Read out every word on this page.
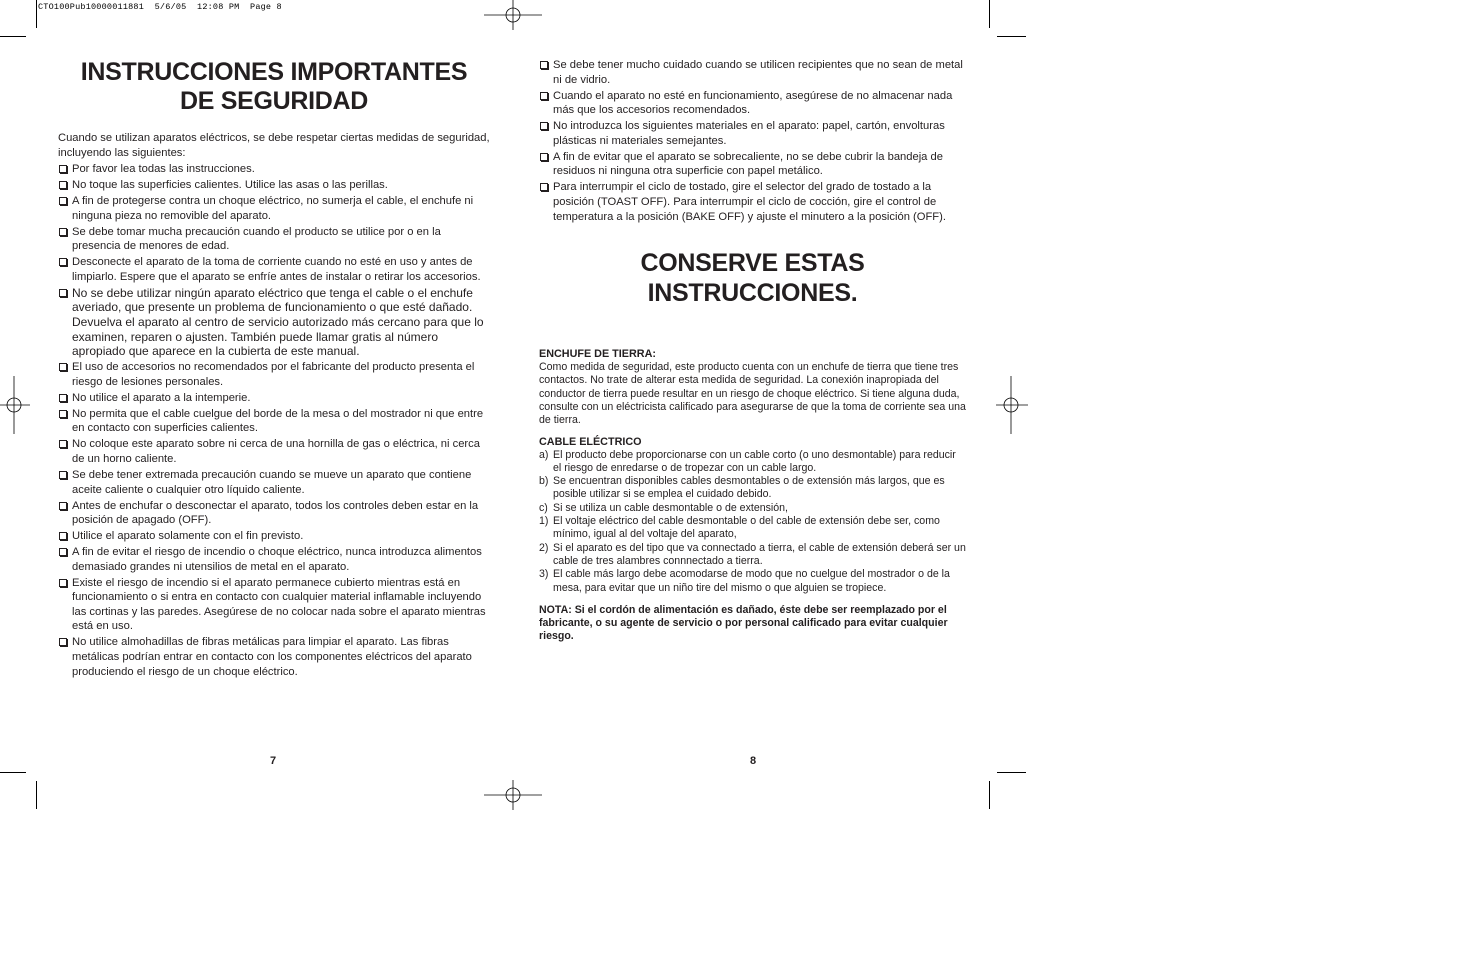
CTO100Pub10000011881  5/6/05  12:08 PM  Page 8
INSTRUCCIONES IMPORTANTES
DE SEGURIDAD

Cuando se utilizan aparatos eléctricos, se debe respetar ciertas medidas de seguridad, incluyendo las siguientes:

Por favor lea todas las instrucciones.
No toque las superficies calientes. Utilice las asas o las perillas.
A fin de protegerse contra un choque eléctrico, no sumerja el cable, el enchufe ni ninguna pieza no removible del aparato.
Se debe tomar mucha precaución cuando el producto se utilice por o en la presencia de menores de edad.
Desconecte el aparato de la toma de corriente cuando no esté en uso y antes de limpiarlo. Espere que el aparato se enfríe antes de instalar o retirar los accesorios.
No se debe utilizar ningún aparato eléctrico que tenga el cable o el enchufe averiado, que presente un problema de funcionamiento o que esté dañado. Devuelva el aparato al centro de servicio autorizado más cercano para que lo examinen, reparen o ajusten. También puede llamar gratis al número apropiado que aparece en la cubierta de este manual.
El uso de accesorios no recomendados por el fabricante del producto presenta el riesgo de lesiones personales.
No utilice el aparato a la intemperie.
No permita que el cable cuelgue del borde de la mesa o del mostrador ni que entre en contacto con superficies calientes.
No coloque este aparato sobre ni cerca de una hornilla de gas o eléctrica, ni cerca de un horno caliente.
Se debe tener extremada precaución cuando se mueve un aparato que contiene aceite caliente o cualquier otro líquido caliente.
Antes de enchufar o desconectar el aparato, todos los controles deben estar en la posición de apagado (OFF).
Utilice el aparato solamente con el fin previsto.
A fin de evitar el riesgo de incendio o choque eléctrico, nunca introduzca alimentos demasiado grandes ni utensilios de metal en el aparato.
Existe el riesgo de incendio si el aparato permanece cubierto mientras está en funcionamiento o si entra en contacto con cualquier material inflamable incluyendo las cortinas y las paredes. Asegúrese de no colocar nada sobre el aparato mientras está en uso.
No utilice almohadillas de fibras metálicas para limpiar el aparato. Las fibras metálicas podrían entrar en contacto con los componentes eléctricos del aparato produciendo el riesgo de un choque eléctrico.
7
Se debe tener mucho cuidado cuando se utilicen recipientes que no sean de metal ni de vidrio.
Cuando el aparato no esté en funcionamiento, asegúrese de no almacenar nada más que los accesorios recomendados.
No introduzca los siguientes materiales en el aparato: papel, cartón, envolturas plásticas ni materiales semejantes.
A fin de evitar que el aparato se sobrecaliente, no se debe cubrir la bandeja de residuos ni ninguna otra superficie con papel metálico.
Para interrumpir el ciclo de tostado, gire el selector del grado de tostado a la posición (TOAST OFF). Para interrumpir el ciclo de cocción, gire el control de temperatura a la posición (BAKE OFF) y ajuste el minutero a la posición (OFF).
CONSERVE ESTAS
INSTRUCCIONES.
ENCHUFE DE TIERRA:

Como medida de seguridad, este producto cuenta con un enchufe de tierra que tiene tres contactos. No trate de alterar esta medida de seguridad. La conexión inapropiada del conductor de tierra puede resultar en un riesgo de choque eléctrico. Si tiene alguna duda, consulte con un eléctricista calificado para asegurarse de que la toma de corriente sea una de tierra.

CABLE ELÉCTRICO
a) El producto debe proporcionarse con un cable corto (o uno desmontable) para reducir el riesgo de enredarse o de tropezar con un cable largo.
b) Se encuentran disponibles cables desmontables o de extensión más largos, que es posible utilizar si se emplea el cuidado debido.
c) Si se utiliza un cable desmontable o de extensión,
1) El voltaje eléctrico del cable desmontable o del cable de extensión debe ser, como mínimo, igual al del voltaje del aparato,
2) Si el aparato es del tipo que va connectado a tierra, el cable de extensión deberá ser un cable de tres alambres connnectado a tierra.
3) El cable más largo debe acomodarse de modo que no cuelgue del mostrador o de la mesa, para evitar que un niño tire del mismo o que alguien se tropiece.

NOTA: Si el cordón de alimentación es dañado, éste debe ser reemplazado por el fabricante, o su agente de servicio o por personal calificado para evitar cualquier riesgo.

8
